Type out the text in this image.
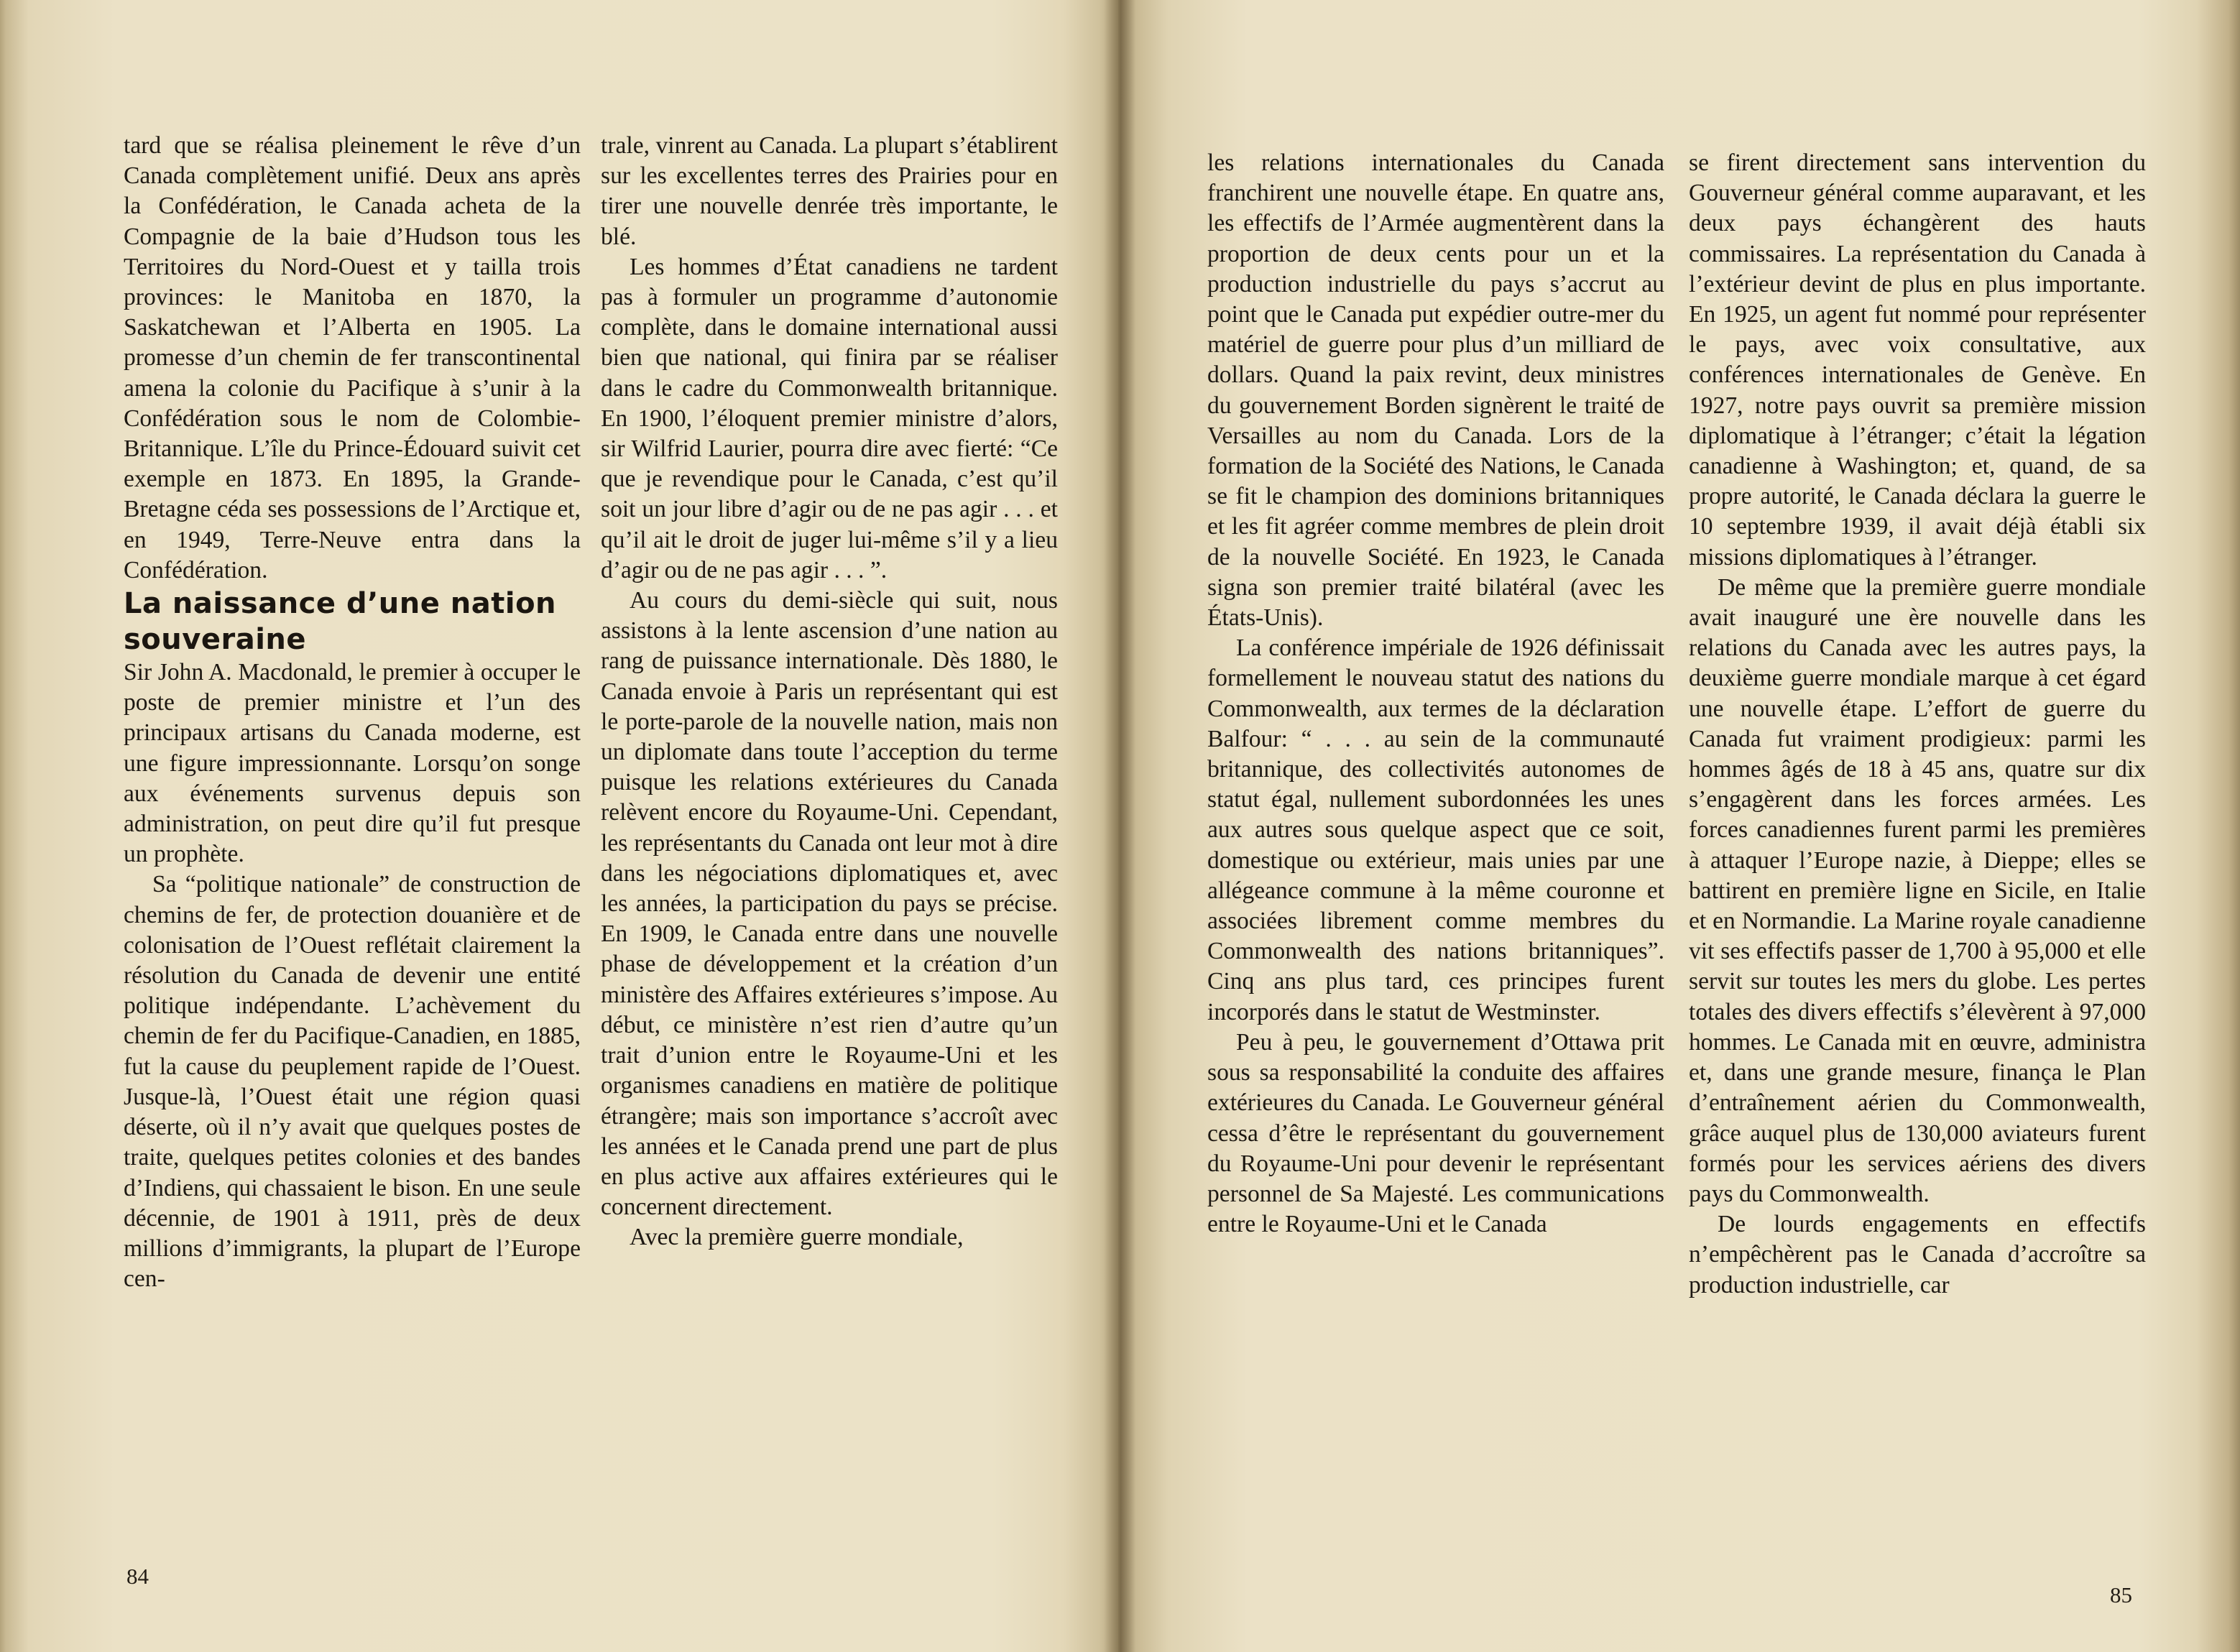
tard que se réalisa pleinement le rêve d’un Canada complètement unifié. Deux ans après la Confédération, le Canada acheta de la Compagnie de la baie d’Hudson tous les Territoires du Nord-Ouest et y tailla trois provinces: le Manitoba en 1870, la Saskatchewan et l’Alberta en 1905. La promesse d’un chemin de fer transcontinental amena la colonie du Pacifique à s’unir à la Confédération sous le nom de Colombie-Britannique. L’île du Prince-Édouard suivit cet exemple en 1873. En 1895, la Grande-Bretagne céda ses possessions de l’Arctique et, en 1949, Terre-Neuve entra dans la Confédération.

La naissance d’une nation souveraine

Sir John A. Macdonald, le premier à occuper le poste de premier ministre et l’un des principaux artisans du Canada moderne, est une figure impressionnante. Lorsqu’on songe aux événements survenus depuis son administration, on peut dire qu’il fut presque un prophète.

Sa “politique nationale” de construction de chemins de fer, de protection douanière et de colonisation de l’Ouest reflétait clairement la résolution du Canada de devenir une entité politique indépendante. L’achèvement du chemin de fer du Pacifique-Canadien, en 1885, fut la cause du peuplement rapide de l’Ouest. Jusque-là, l’Ouest était une région quasi déserte, où il n’y avait que quelques postes de traite, quelques petites colonies et des bandes d’Indiens, qui chassaient le bison. En une seule décennie, de 1901 à 1911, près de deux millions d’immigrants, la plupart de l’Europe cen-

trale, vinrent au Canada. La plupart s’établirent sur les excellentes terres des Prairies pour en tirer une nouvelle denrée très importante, le blé.

Les hommes d’État canadiens ne tardent pas à formuler un programme d’autonomie complète, dans le domaine international aussi bien que national, qui finira par se réaliser dans le cadre du Commonwealth britannique. En 1900, l’éloquent premier ministre d’alors, sir Wilfrid Laurier, pourra dire avec fierté: “Ce que je revendique pour le Canada, c’est qu’il soit un jour libre d’agir ou de ne pas agir . . . et qu’il ait le droit de juger lui-même s’il y a lieu d’agir ou de ne pas agir . . . ”.

Au cours du demi-siècle qui suit, nous assistons à la lente ascension d’une nation au rang de puissance internationale. Dès 1880, le Canada envoie à Paris un représentant qui est le porte-parole de la nouvelle nation, mais non un diplomate dans toute l’acception du terme puisque les relations extérieures du Canada relèvent encore du Royaume-Uni. Cependant, les représentants du Canada ont leur mot à dire dans les négociations diplomatiques et, avec les années, la participation du pays se précise. En 1909, le Canada entre dans une nouvelle phase de développement et la création d’un ministère des Affaires extérieures s’impose. Au début, ce ministère n’est rien d’autre qu’un trait d’union entre le Royaume-Uni et les organismes canadiens en matière de politique étrangère; mais son importance s’accroît avec les années et le Canada prend une part de plus en plus active aux affaires extérieures qui le concernent directement.

Avec la première guerre mondiale,

84

les relations internationales du Canada franchirent une nouvelle étape. En quatre ans, les effectifs de l’Armée augmentèrent dans la proportion de deux cents pour un et la production industrielle du pays s’accrut au point que le Canada put expédier outre-mer du matériel de guerre pour plus d’un milliard de dollars. Quand la paix revint, deux ministres du gouvernement Borden signèrent le traité de Versailles au nom du Canada. Lors de la formation de la Société des Nations, le Canada se fit le champion des dominions britanniques et les fit agréer comme membres de plein droit de la nouvelle Société. En 1923, le Canada signa son premier traité bilatéral (avec les États-Unis).

La conférence impériale de 1926 définissait formellement le nouveau statut des nations du Commonwealth, aux termes de la déclaration Balfour: “ . . . au sein de la communauté britannique, des collectivités autonomes de statut égal, nullement subordonnées les unes aux autres sous quelque aspect que ce soit, domestique ou extérieur, mais unies par une allégeance commune à la même couronne et associées librement comme membres du Commonwealth des nations britanniques”. Cinq ans plus tard, ces principes furent incorporés dans le statut de Westminster.

Peu à peu, le gouvernement d’Ottawa prit sous sa responsabilité la conduite des affaires extérieures du Canada. Le Gouverneur général cessa d’être le représentant du gouvernement du Royaume-Uni pour devenir le représentant personnel de Sa Majesté. Les communications entre le Royaume-Uni et le Canada

se firent directement sans intervention du Gouverneur général comme auparavant, et les deux pays échangèrent des hauts commissaires. La représentation du Canada à l’extérieur devint de plus en plus importante. En 1925, un agent fut nommé pour représenter le pays, avec voix consultative, aux conférences internationales de Genève. En 1927, notre pays ouvrit sa première mission diplomatique à l’étranger; c’était la légation canadienne à Washington; et, quand, de sa propre autorité, le Canada déclara la guerre le 10 septembre 1939, il avait déjà établi six missions diplomatiques à l’étranger.

De même que la première guerre mondiale avait inauguré une ère nouvelle dans les relations du Canada avec les autres pays, la deuxième guerre mondiale marque à cet égard une nouvelle étape. L’effort de guerre du Canada fut vraiment prodigieux: parmi les hommes âgés de 18 à 45 ans, quatre sur dix s’engagèrent dans les forces armées. Les forces canadiennes furent parmi les premières à attaquer l’Europe nazie, à Dieppe; elles se battirent en première ligne en Sicile, en Italie et en Normandie. La Marine royale canadienne vit ses effectifs passer de 1,700 à 95,000 et elle servit sur toutes les mers du globe. Les pertes totales des divers effectifs s’élevèrent à 97,000 hommes. Le Canada mit en œuvre, administra et, dans une grande mesure, finança le Plan d’entraînement aérien du Commonwealth, grâce auquel plus de 130,000 aviateurs furent formés pour les services aériens des divers pays du Commonwealth.

De lourds engagements en effectifs n’empêchèrent pas le Canada d’accroître sa production industrielle, car

85
